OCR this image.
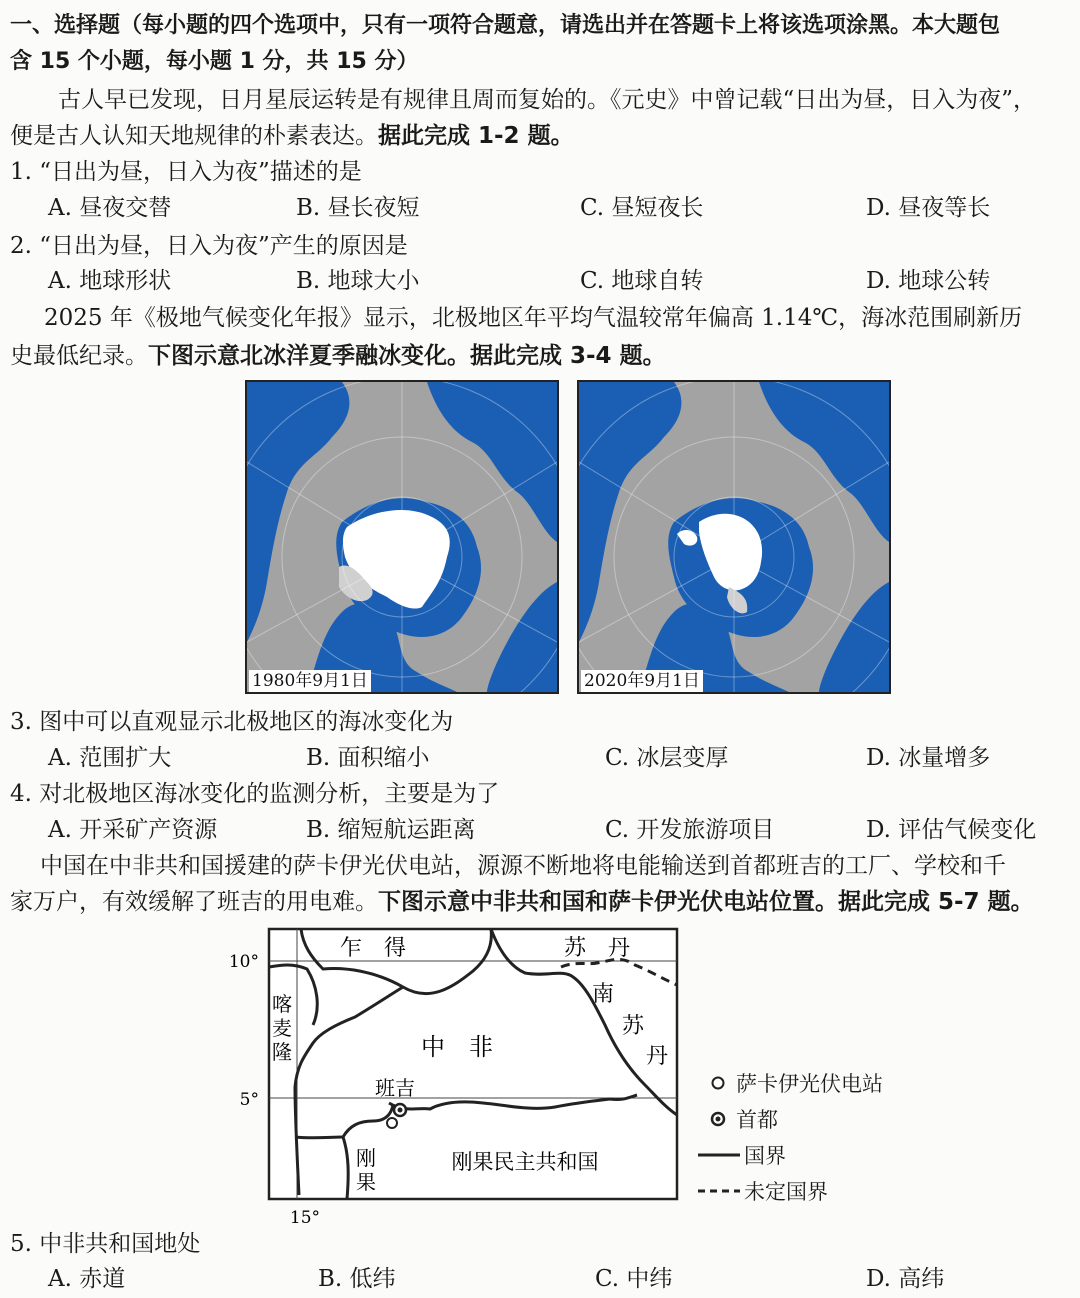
一、选择题（每小题的四个选项中，只有一项符合题意，请选出并在答题卡上将该选项涂黑。本大题包
含 15 个小题，每小题 1 分，共 15 分）
古人早已发现，日月星辰运转是有规律且周而复始的。《元史》中曾记载“日出为昼，日入为夜”，
便是古人认知天地规律的朴素表达。据此完成 1-2 题。
1. “日出为昼，日入为夜”描述的是
A. 昼夜交替	B. 昼长夜短	C. 昼短夜长	D. 昼夜等长
2. “日出为昼，日入为夜”产生的原因是
A. 地球形状	B. 地球大小	C. 地球自转	D. 地球公转
2025 年《极地气候变化年报》显示，北极地区年平均气温较常年偏高 1.14℃，海冰范围刷新历
史最低纪录。下图示意北冰洋夏季融冰变化。据此完成 3-4 题。
1980年9月1日	2020年9月1日
3. 图中可以直观显示北极地区的海冰变化为
A. 范围扩大	B. 面积缩小	C. 冰层变厚	D. 冰量增多
4. 对北极地区海冰变化的监测分析，主要是为了
A. 开采矿产资源	B. 缩短航运距离	C. 开发旅游项目	D. 评估气候变化
中国在中非共和国援建的萨卡伊光伏电站，源源不断地将电能输送到首都班吉的工厂、学校和千
家万户，有效缓解了班吉的用电难。下图示意中非共和国和萨卡伊光伏电站位置。据此完成 5-7 题。
10°
5°
15°
乍　得	苏　丹
南
苏
丹
喀
麦
隆	中　非
班吉
刚
果
刚果民主共和国
萨卡伊光伏电站
首都
国界
未定国界
5. 中非共和国地处
A. 赤道	B. 低纬	C. 中纬	D. 高纬
